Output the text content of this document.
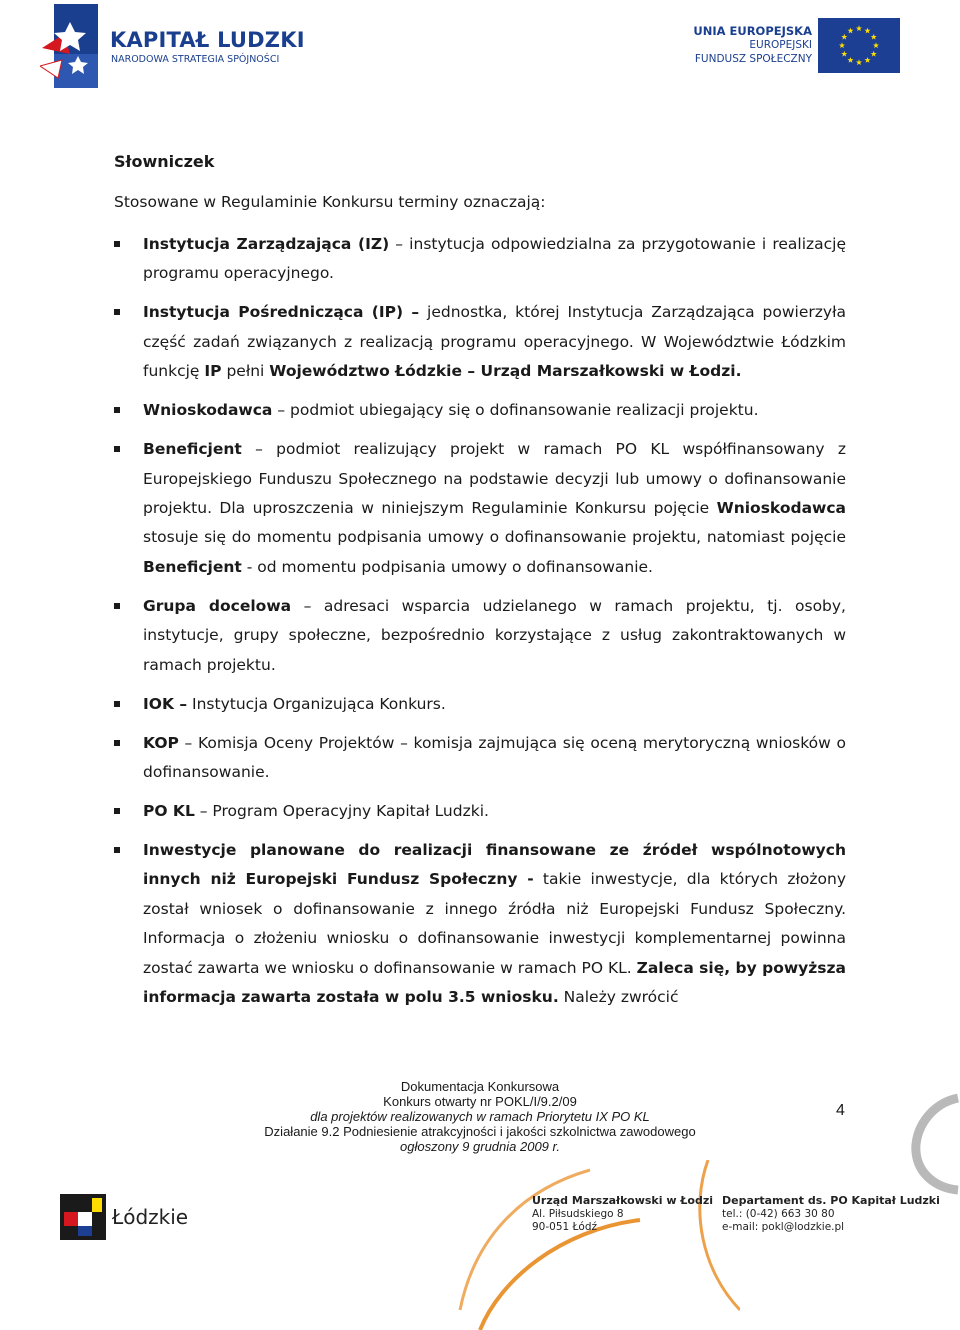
KAPITAŁ LUDZKI
NARODOWA STRATEGIA SPÓJNOŚCI
UNIA EUROPEJSKA
EUROPEJSKI
FUNDUSZ SPOŁECZNY
Słowniczek

Stosowane w Regulaminie Konkursu terminy oznaczają:

Instytucja Zarządzająca (IZ) – instytucja odpowiedzialna za przygotowanie i realizację programu operacyjnego.
Instytucja Pośrednicząca (IP) – jednostka, której Instytucja Zarządzająca powierzyła część zadań związanych z realizacją programu operacyjnego. W Województwie Łódzkim funkcję IP pełni Województwo Łódzkie – Urząd Marszałkowski w Łodzi.
Wnioskodawca – podmiot ubiegający się o dofinansowanie realizacji projektu.
Beneficjent – podmiot realizujący projekt w ramach PO KL współfinansowany z Europejskiego Funduszu Społecznego na podstawie decyzji lub umowy o dofinansowanie projektu. Dla uproszczenia w niniejszym Regulaminie Konkursu pojęcie Wnioskodawca stosuje się do momentu podpisania umowy o dofinansowanie projektu, natomiast pojęcie Beneficjent - od momentu podpisania umowy o dofinansowanie.
Grupa docelowa – adresaci wsparcia udzielanego w ramach projektu, tj. osoby, instytucje, grupy społeczne, bezpośrednio korzystające z usług zakontraktowanych w ramach projektu.
IOK – Instytucja Organizująca Konkurs.
KOP – Komisja Oceny Projektów – komisja zajmująca się oceną merytoryczną wniosków o dofinansowanie.
PO KL – Program Operacyjny Kapitał Ludzki.
Inwestycje planowane do realizacji finansowane ze źródeł wspólnotowych innych niż Europejski Fundusz Społeczny - takie inwestycje, dla których złożony został wniosek o dofinansowanie z innego źródła niż Europejski Fundusz Społeczny. Informacja o złożeniu wniosku o dofinansowanie inwestycji komplementarnej powinna zostać zawarta we wniosku o dofinansowanie w ramach PO KL. Zaleca się, by powyższa informacja zawarta została w polu 3.5 wniosku. Należy zwrócić
Dokumentacja Konkursowa
Konkurs otwarty nr POKL/I/9.2/09
dla projektów realizowanych w ramach Priorytetu IX PO KL
Działanie 9.2 Podniesienie atrakcyjności i jakości szkolnictwa zawodowego
ogłoszony 9 grudnia 2009 r.
4
Łódzkie
Urząd Marszałkowski w Łodzi
Al. Piłsudskiego 8
90-051 Łódź
Departament ds. PO Kapitał Ludzki
tel.: (0-42) 663 30 80
e-mail: pokl@lodzkie.pl
